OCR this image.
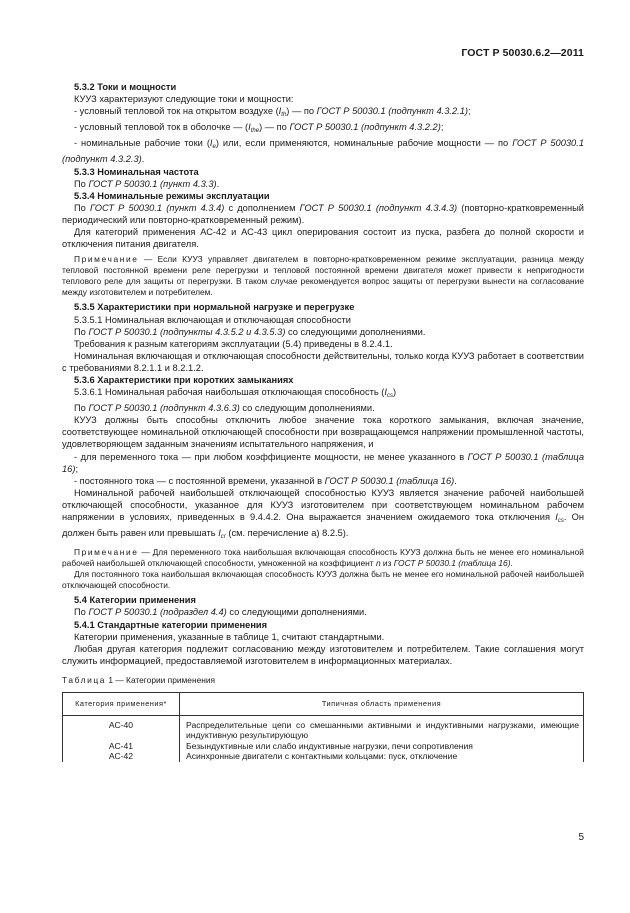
ГОСТ Р 50030.6.2—2011

5.3.2 Токи и мощности

КУУЗ характеризуют следующие токи и мощности:

- условный тепловой ток на открытом воздухе $(I_{th})$ — по ГОСТ Р 50030.1 (подпункт 4.3.2.1);

- условный тепловой ток в оболочке — $(I_{the})$ — по ГОСТ Р 50030.1 (подпункт 4.3.2.2);

- номинальные рабочие токи $(I_e)$ или, если применяются, номинальные рабочие мощности — по ГОСТ Р 50030.1 (подпункт 4.3.2.3).

5.3.3 Номинальная частота

По ГОСТ Р 50030.1 (пункт 4.3.3).

5.3.4 Номинальные режимы эксплуатации

По ГОСТ Р 50030.1 (пункт 4.3.4) с дополнением ГОСТ Р 50030.1 (подпункт 4.3.4.3) (повторно-кратковременный периодический или повторно-кратковременный режим).

Для категорий применения АС-42 и АС-43 цикл оперирования состоит из пуска, разбега до полной скорости и отключения питания двигателя.

Примечание — Если КУУЗ управляет двигателем в повторно-кратковременном режиме эксплуатации, разница между тепловой постоянной времени реле перегрузки и тепловой постоянной времени двигателя может привести к непригодности теплового реле для защиты от перегрузки. В таком случае рекомендуется вопрос защиты от перегрузки вынести на согласование между изготовителем и потребителем.

5.3.5 Характеристики при нормальной нагрузке и перегрузке

5.3.5.1 Номинальная включающая и отключающая способности

По ГОСТ Р 50030.1 (подпункты 4.3.5.2 и 4.3.5.3) со следующими дополнениями.

Требования к разным категориям эксплуатации (5.4) приведены в 8.2.4.1.

Номинальная включающая и отключающая способности действительны, только когда КУУЗ работает в соответствии с требованиями 8.2.1.1 и 8.2.1.2.

5.3.6 Характеристики при коротких замыканиях

5.3.6.1 Номинальная рабочая наибольшая отключающая способность $(I_{cs})$

По ГОСТ Р 50030.1 (подпункт 4.3.6.3) со следующим дополнениями.

КУУЗ должны быть способны отключить любое значение тока короткого замыкания, включая значение, соответствующее номинальной отключающей способности при возвращающемся напряжении промышленной частоты, удовлетворяющем заданным значениям испытательного напряжения, и

- для переменного тока — при любом коэффициенте мощности, не менее указанного в ГОСТ Р 50030.1 (таблица 16);

- постоянного тока — с постоянной времени, указанной в ГОСТ Р 50030.1 (таблица 16).

Номинальной рабочей наибольшей отключающей способностью КУУЗ является значение рабочей наибольшей отключающей способности, указанное для КУУЗ изготовителем при соответствующем номинальном рабочем напряжении в условиях, приведенных в 9.4.4.2. Она выражается значением ожидаемого тока отключения $I_{cs}$. Он должен быть равен или превышать $I_{cr}$ (см. перечисление а) 8.2.5).

Примечание — Для переменного тока наибольшая включающая способность КУУЗ должна быть не менее его номинальной рабочей наибольшей отключающей способности, умноженной на коэффициент n из ГОСТ Р 50030.1 (таблица 16).

Для постоянного тока наибольшая включающая способность КУУЗ должна быть не менее его номинальной рабочей наибольшей отключающей способности.

5.4 Категории применения

По ГОСТ Р 50030.1 (подраздел 4.4) со следующими дополнениями.

5.4.1 Стандартные категории применения

Категории применения, указанные в таблице 1, считают стандартными.

Любая другая категория подлежит согласованию между изготовителем и потребителем. Такие соглашения могут служить информацией, предоставляемой изготовителем в информационных материалах.

Таблица 1 — Категории применения
Категория применения*	Типичная область применения
АС-40	Распределительные цепи со смешанными активными и индуктивными нагрузками, имеющие индуктивную результирующую
АС-41	Безындуктивные или слабо индуктивные нагрузки, печи сопротивления
АС-42	Асинхронные двигатели с контактными кольцами: пуск, отключение
5
